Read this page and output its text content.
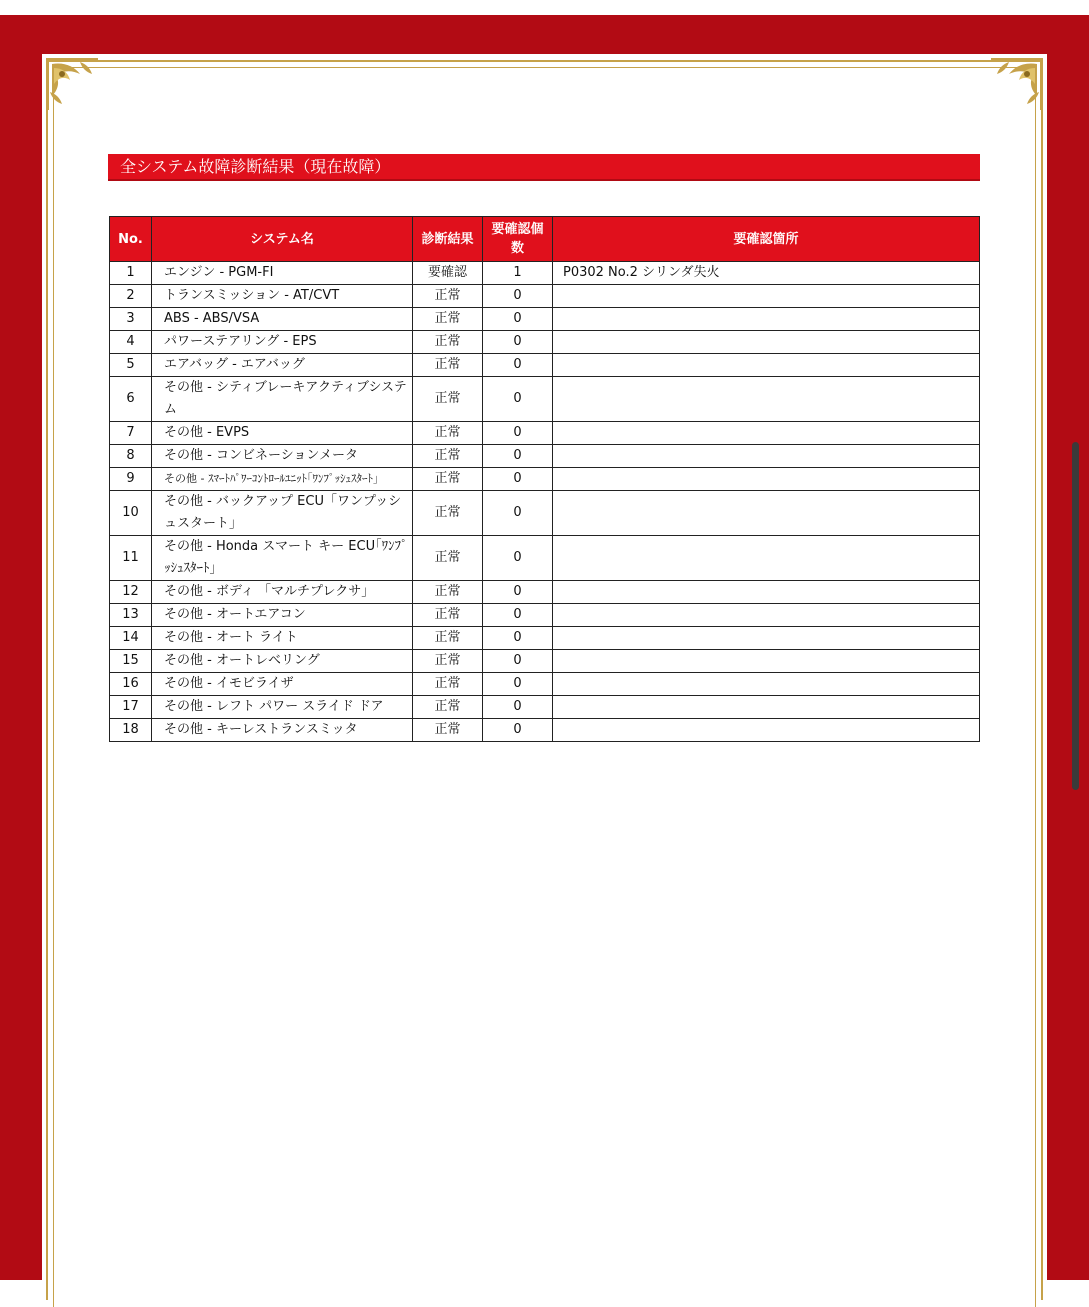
全システム故障診断結果（現在故障）
No.	システム名	診断結果	要確認個数	要確認箇所
1	エンジン - PGM-FI	要確認	1	P0302 No.2 シリンダ失火
2	トランスミッション - AT/CVT	正常	0	
3	ABS - ABS/VSA	正常	0	
4	パワーステアリング - EPS	正常	0	
5	エアバッグ - エアバッグ	正常	0	
6	その他 - シティブレーキアクティブシステム	正常	0	
7	その他 - EVPS	正常	0	
8	その他 - コンビネーションメータ	正常	0	
9	その他 - ｽﾏｰﾄﾊﾟﾜｰｺﾝﾄﾛｰﾙﾕﾆｯﾄ｢ﾜﾝﾌﾟｯｼｭｽﾀｰﾄ｣	正常	0	
10	その他 - バックアップ ECU「ワンプッシュスタート」	正常	0	
11	その他 - Honda スマート キー ECU｢ﾜﾝﾌﾟｯｼｭｽﾀｰﾄ｣	正常	0	
12	その他 - ボディ 「マルチプレクサ」	正常	0	
13	その他 - オートエアコン	正常	0	
14	その他 - オート ライト	正常	0	
15	その他 - オートレベリング	正常	0	
16	その他 - イモビライザ	正常	0	
17	その他 - レフト パワー スライド ドア	正常	0	
18	その他 - キーレストランスミッタ	正常	0	
